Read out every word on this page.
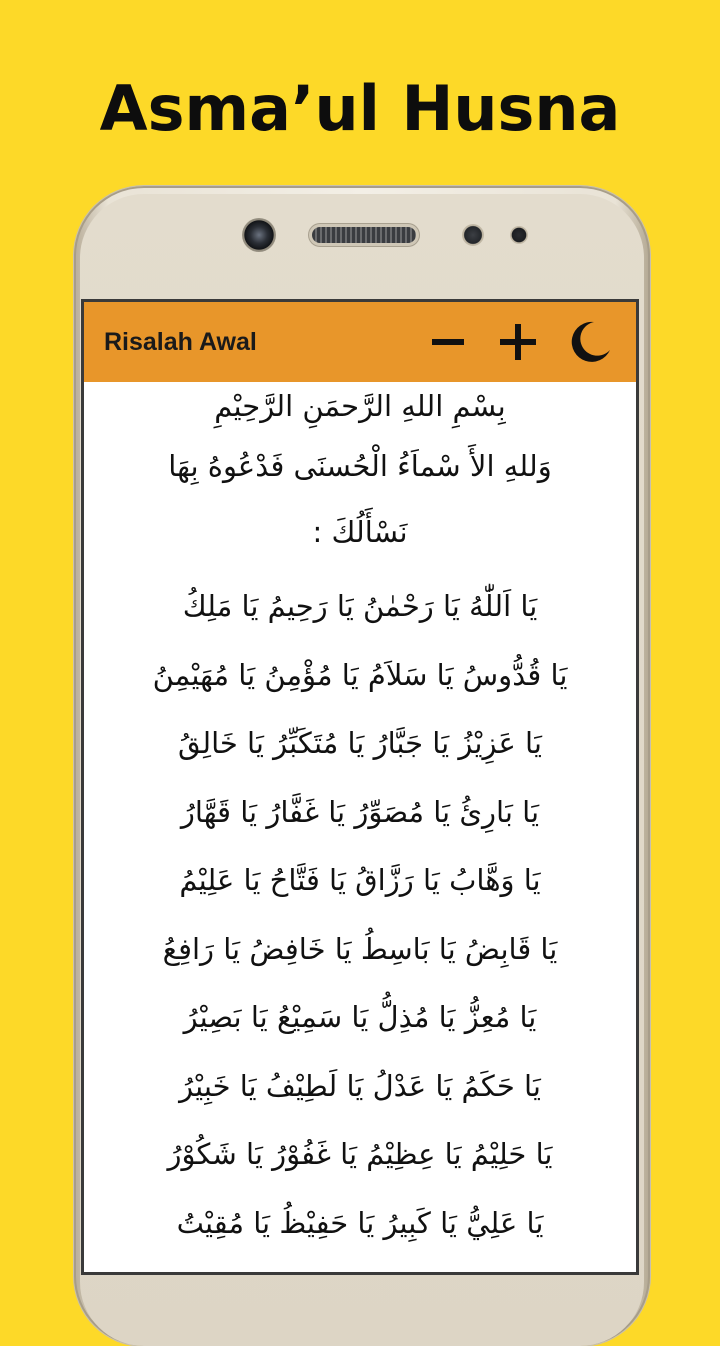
Asma’ul Husna
Risalah Awal
بِسْمِ اللهِ الرَّحمَنِ الرَّحِيْمِ
وَللهِ الأَ سْماَءُ الْحُسنَى فَدْعُوهُ بِهَا
نَسْأَلُكَ :
يَا اَللّٰهُ يَا رَحْمٰنُ يَا رَحِيمُ يَا مَلِكُ
يَا قُدُّوسُ يَا سَلاَمُ يَا مُؤْمِنُ يَا مُهَيْمِنُ
يَا عَزِيْزُ يَا جَبَّارُ يَا مُتَكَبِّرُ يَا خَالِقُ
يَا بَارِئُ يَا مُصَوِّرُ يَا غَفَّارُ يَا قَهَّارُ
يَا وَهَّابُ يَا رَزَّاقُ يَا فَتَّاحُ يَا عَلِيْمُ
يَا قَابِضُ يَا بَاسِطُ يَا خَافِضُ يَا رَافِعُ
يَا مُعِزُّ يَا مُذِلُّ يَا سَمِيْعُ يَا بَصِيْرُ
يَا حَكَمُ يَا عَدْلُ يَا لَطِيْفُ يَا خَبِيْرُ
يَا حَلِيْمُ يَا عِظِيْمُ يَا غَفُوْرُ يَا شَكُوْرُ
يَا عَلِيُّ يَا كَبِيرُ يَا حَفِيْظُ يَا مُقِيْتُ
